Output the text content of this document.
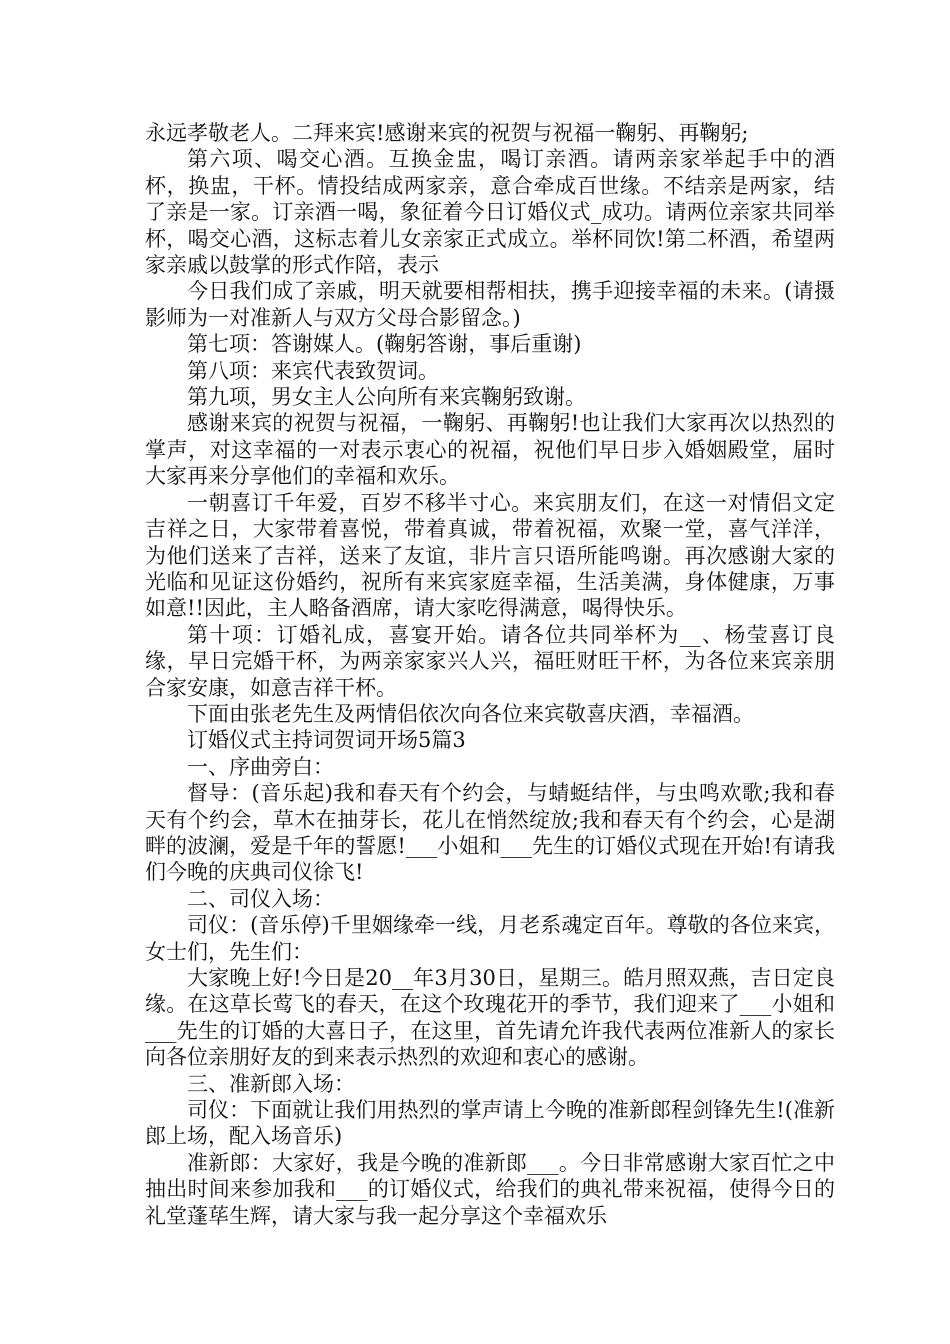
永远孝敬老人。二拜来宾!感谢来宾的祝贺与祝福一鞠躬、再鞠躬;

第六项、喝交心酒。互换金盅，喝订亲酒。请两亲家举起手中的酒杯，换盅，干杯。情投结成两家亲，意合牵成百世缘。不结亲是两家，结了亲是一家。订亲酒一喝，象征着今日订婚仪式_成功。请两位亲家共同举杯，喝交心酒，这标志着儿女亲家正式成立。举杯同饮!第二杯酒，希望两家亲戚以鼓掌的形式作陪，表示

今日我们成了亲戚，明天就要相帮相扶，携手迎接幸福的未来。(请摄影师为一对准新人与双方父母合影留念。)

第七项：答谢媒人。(鞠躬答谢，事后重谢)

第八项：来宾代表致贺词。

第九项，男女主人公向所有来宾鞠躬致谢。

感谢来宾的祝贺与祝福，一鞠躬、再鞠躬!也让我们大家再次以热烈的掌声，对这幸福的一对表示衷心的祝福，祝他们早日步入婚姻殿堂，届时大家再来分享他们的幸福和欢乐。

一朝喜订千年爱，百岁不移半寸心。来宾朋友们，在这一对情侣文定吉祥之日，大家带着喜悦，带着真诚，带着祝福，欢聚一堂，喜气洋洋，为他们送来了吉祥，送来了友谊，非片言只语所能鸣谢。再次感谢大家的光临和见证这份婚约，祝所有来宾家庭幸福，生活美满，身体健康，万事如意!!因此，主人略备酒席，请大家吃得满意，喝得快乐。

第十项：订婚礼成，喜宴开始。请各位共同举杯为__、杨莹喜订良缘，早日完婚干杯，为两亲家家兴人兴，福旺财旺干杯，为各位来宾亲朋合家安康，如意吉祥干杯。

下面由张老先生及两情侣依次向各位来宾敬喜庆酒，幸福酒。

订婚仪式主持词贺词开场5篇3

一、序曲旁白：

督导：(音乐起)我和春天有个约会，与蜻蜓结伴，与虫鸣欢歌;我和春天有个约会，草木在抽芽长，花儿在悄然绽放;我和春天有个约会，心是湖畔的波澜，爱是千年的誓愿!___小姐和___先生的订婚仪式现在开始!有请我们今晚的庆典司仪徐飞!

二、司仪入场：

司仪：(音乐停)千里姻缘牵一线，月老系魂定百年。尊敬的各位来宾，女士们，先生们：

大家晚上好!今日是20__年3月30日，星期三。皓月照双燕，吉日定良缘。在这草长莺飞的春天，在这个玫瑰花开的季节，我们迎来了___小姐和___先生的订婚的大喜日子，在这里，首先请允许我代表两位准新人的家长向各位亲朋好友的到来表示热烈的欢迎和衷心的感谢。

三、准新郎入场：

司仪：下面就让我们用热烈的掌声请上今晚的准新郎程剑锋先生!(准新郎上场，配入场音乐)

准新郎：大家好，我是今晚的准新郎___。今日非常感谢大家百忙之中抽出时间来参加我和___的订婚仪式，给我们的典礼带来祝福，使得今日的礼堂蓬荜生辉，请大家与我一起分享这个幸福欢乐
